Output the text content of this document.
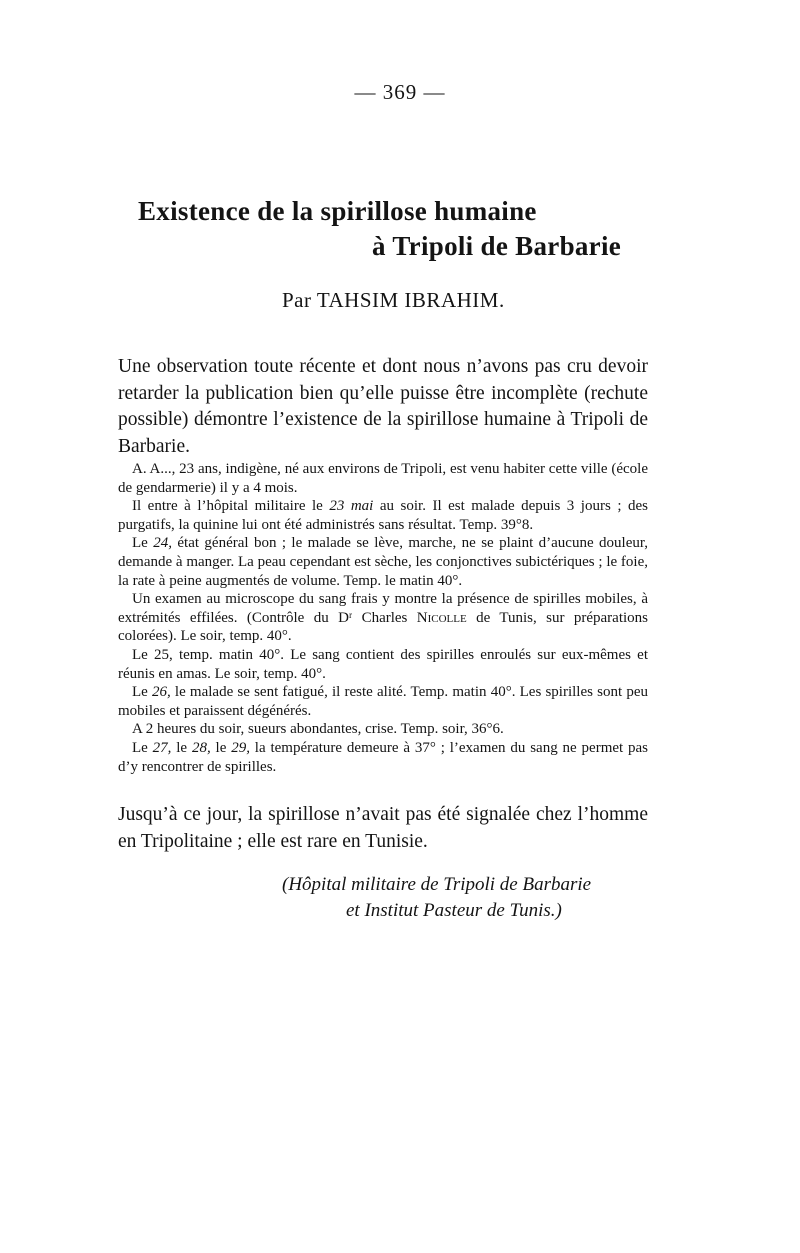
— 369 —
Existence de la spirillose humaine
à Tripoli de Barbarie
Par TAHSIM IBRAHIM.
Une observation toute récente et dont nous n’avons pas cru devoir retarder la publication bien qu’elle puisse être incomplète (rechute possible) démontre l’existence de la spirillose humaine à Tripoli de Barbarie.

A. A..., 23 ans, indigène, né aux environs de Tripoli, est venu habiter cette ville (école de gendarmerie) il y a 4 mois.

Il entre à l’hôpital militaire le 23 mai au soir. Il est malade depuis 3 jours ; des purgatifs, la quinine lui ont été administrés sans résultat. Temp. 39°8.

Le 24, état général bon ; le malade se lève, marche, ne se plaint d’aucune douleur, demande à manger. La peau cependant est sèche, les conjonctives subictériques ; le foie, la rate à peine augmentés de volume. Temp. le matin 40°.

Un examen au microscope du sang frais y montre la présence de spirilles mobiles, à extrémités effilées. (Contrôle du Dʳ Charles Nicolle de Tunis, sur préparations colorées). Le soir, temp. 40°.

Le 25, temp. matin 40°. Le sang contient des spirilles enroulés sur eux-mêmes et réunis en amas. Le soir, temp. 40°.

Le 26, le malade se sent fatigué, il reste alité. Temp. matin 40°. Les spirilles sont peu mobiles et paraissent dégénérés.

A 2 heures du soir, sueurs abondantes, crise. Temp. soir, 36°6.

Le 27, le 28, le 29, la température demeure à 37° ; l’examen du sang ne permet pas d’y rencontrer de spirilles.

Jusqu’à ce jour, la spirillose n’avait pas été signalée chez l’homme en Tripolitaine ; elle est rare en Tunisie.
(Hôpital militaire de Tripoli de Barbarie
et Institut Pasteur de Tunis.)
